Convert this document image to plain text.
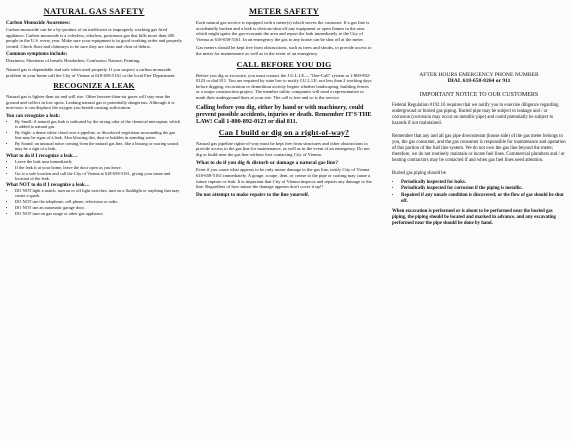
NATURAL GAS SAFETY
Carbon Monoxide Awareness:
Carbon monoxide can be a by-product of an inefficient or improperly working gas fired appliance. Carbon monoxide is a colorless, odorless, poisonous gas that kills more than 200 people in the U.S. every year. Make sure your equipment is in good working order and properly vented. Check flues and chimneys to be sure they are clean and clear of debris.
Common symptoms include:
Dizziness; Shortness of breath; Headaches; Confusion; Nausea; Fainting.
Natural gas is dependable and safe when used properly. If you suspect a carbon monoxide problem in your home call the City of Vienna at 618-658-5161 or the local Fire Department.
RECOGNIZE A LEAK
Natural gas is lighter than air and will rise. Other heavier-than-air gases will stay near the ground and collect in low spots. Leaking natural gas is potentially dangerous. Although it is non-toxic it can displace the oxygen you breath causing suffocation.
You can recognize a leak:
• By Smell: A natural gas leak is indicated by the strong odor of the chemical mercaptan, which is added to natural gas.
• By Sight: a dense white cloud over a pipeline, or discolored vegetation surrounding the gas line may be signs of a leak. Also blowing dirt, dust or bubbles in standing water.
• By Sound: an unusual noise coming from the natural gas line, like a hissing or roaring sound, may be a sign of a leak.
What to do if I recognize a leak…
• Leave the leak area immediately
• If the leak is at your home, leave the door open as you leave.
• Go to a safe location and call the City of Vienna at 618-658-5161, giving your name and location of the leak.
What NOT to do if I recognize a leak…
• DO NOT light a match, turn on or off light switches, turn on a flashlight or anything that may create a spark.
• DO NOT use the telephone, cell phone, television or radio.
• DO NOT use an automatic garage door.
• DO NOT turn on gas range or other gas appliance.
METER SAFETY
Each natural gas service is equipped with a meter(s) which serves the customer. If a gas line is accidentally broken and a leak is obvious-shut off any equipment or open flames in the area which might ignite the gas-evacuate the area and report the leak immediately to the City of Vienna at 618-658-5161. In an emergency the gas to any house can be shut off at the meter.
Gas meters should be kept free from obstructions, such as trees and shrubs, to provide access to the meter for maintenance as well as in the event of an emergency.
CALL BEFORE YOU DIG
Before you dig or excavate, you must contact the J.U.L.I.E.—"One-Call" system at 1-800-892-0123 or dial 811. You are required by state law to notify J.U.L.I.E. not less than 2 working days before digging, excavation or demolition activity begins whether landscaping, building fences or a major construction project. The member utility companies will send a representative to mark their underground lines at your site. The call is free and so is the service.
Calling before you dig, either by hand or with machinery, could prevent possible accidents, injuries or death. Remember IT'S THE LAW! Call 1-800-892-0123 or dial 811.
Can I build or dig on a right-of-way?
Natural gas pipeline rights-of-way must be kept free from structures and other obstructions to provide access to the gas line for maintenance, as well as in the event of an emergency. Do not dig or build near the gas line without first contacting City of Vienna.
What to do if you dig & disturb or damage a natural gas line?
Even if you cause what appears to be only minor damage to the gas line, notify City of Vienna 618-658-5161 immediately. A gouge, scrape, dent, or crease to the pipe or coating may cause a future rupture or leak. It is important that City of Vienna inspects and repairs any damage to the line. Regardless of how minor the damage appears don't cover it up!!
Do not attempt to make repairs to the line yourself.
AFTER HOURS EMERGENCY PHONE NUMBER
DIAL 618-658-8264 or 911
IMPORTANT NOTICE TO OUR CUSTOMERS
Federal Regulation #192.16 requires that we notify you to exercise diligence regarding underground or buried gas piping. Buried pipe may be subject to leakage and / or corrosion (corrosion may occur on metallic pipe) and could potentially be subject to hazards if not maintained.
Remember that any and all gas pipe downstream (house side) of the gas meter belongs to you, the gas consumer, and the gas consumer is responsible for maintenance and operation of this portion of the fuel line system. We do not own the gas line beyond the meter; therefore, we do not routinely maintain or locate fuel lines. Commercial plumbers and / or heating contractors may be contacted if and when gas fuel lines need attention.
Buried gas piping should be
• Periodically inspected for leaks.
• Periodically inspected for corrosion if the piping is metallic.
• Repaired if any unsafe condition is discovered; or the flow of gas should be shut off.
When excavation is performed or is about to be performed near the buried gas piping, the piping should be located and marked in advance, and any excavating performed near the pipe should be done by hand.
